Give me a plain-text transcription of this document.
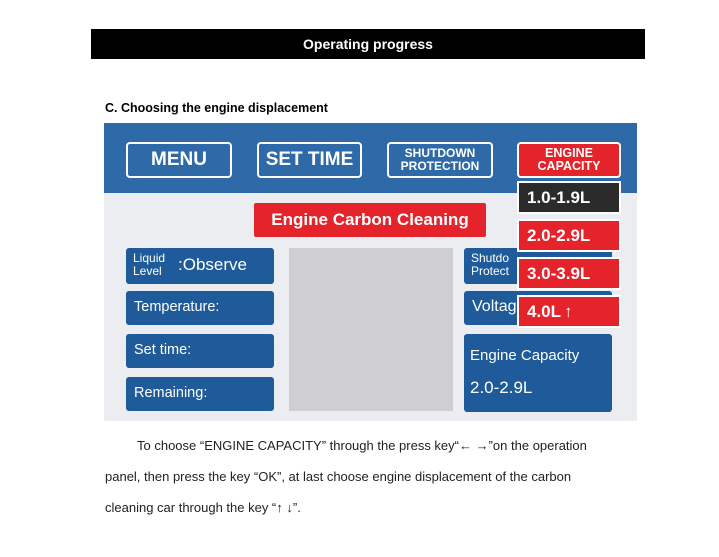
Operating progress
C. Choosing the engine displacement
MENU	SET TIME	SHUTDOWN
PROTECTION
ENGINE
CAPACITY
1.0-1.9L
2.0-2.9L
3.0-3.9L
4.0L ↑
Engine Carbon Cleaning
Liquid
Level :Observe
Temperature:
Set time:
Remaining:
Shutdo
Protect
Voltag
Engine Capacity
2.0-2.9L
To choose “ENGINE CAPACITY” through the press key“← →”on the operation
panel, then press the key “OK”, at last choose engine displacement of the carbon
cleaning car through the key “↑ ↓”.
